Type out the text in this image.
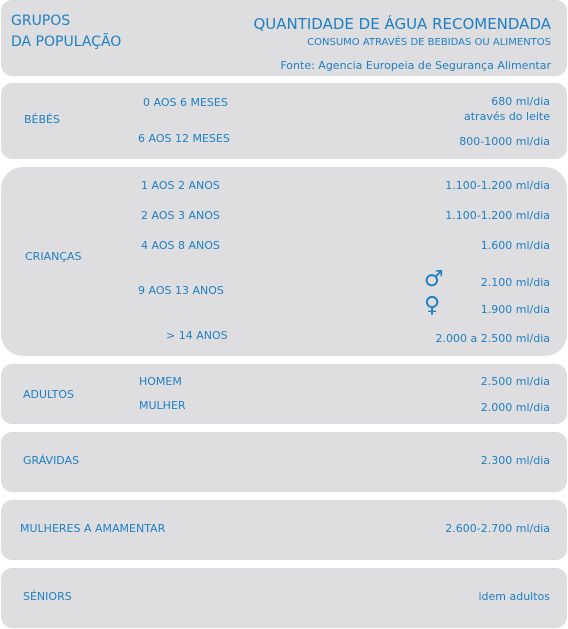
GRUPOS
DA POPULAÇÃO
QUANTIDADE DE ÁGUA RECOMENDADA
CONSUMO ATRAVÉS DE BEBIDAS OU ALIMENTOS
Fonte: Agencia Europeia de Segurança Alimentar
BÉBÉS
0 AOS 6 MESES	680 ml/dia
através do leite
6 AOS 12 MESES	800-1000 ml/dia
CRIANÇAS
1 AOS 2 ANOS	1.100-1.200 ml/dia
2 AOS 3 ANOS	1.100-1.200 ml/dia
4 AOS 8 ANOS	1.600 ml/dia
9 AOS 13 ANOS	♂	2.100 ml/dia
♀	1.900 ml/dia
> 14 ANOS	2.000 a 2.500 ml/dia
ADULTOS
HOMEM	2.500 ml/dia
MULHER	2.000 ml/dia
GRÁVIDAS	2.300 ml/dia
MULHERES A AMAMENTAR	2.600-2.700 ml/dia
SÉNIORS	idem adultos
